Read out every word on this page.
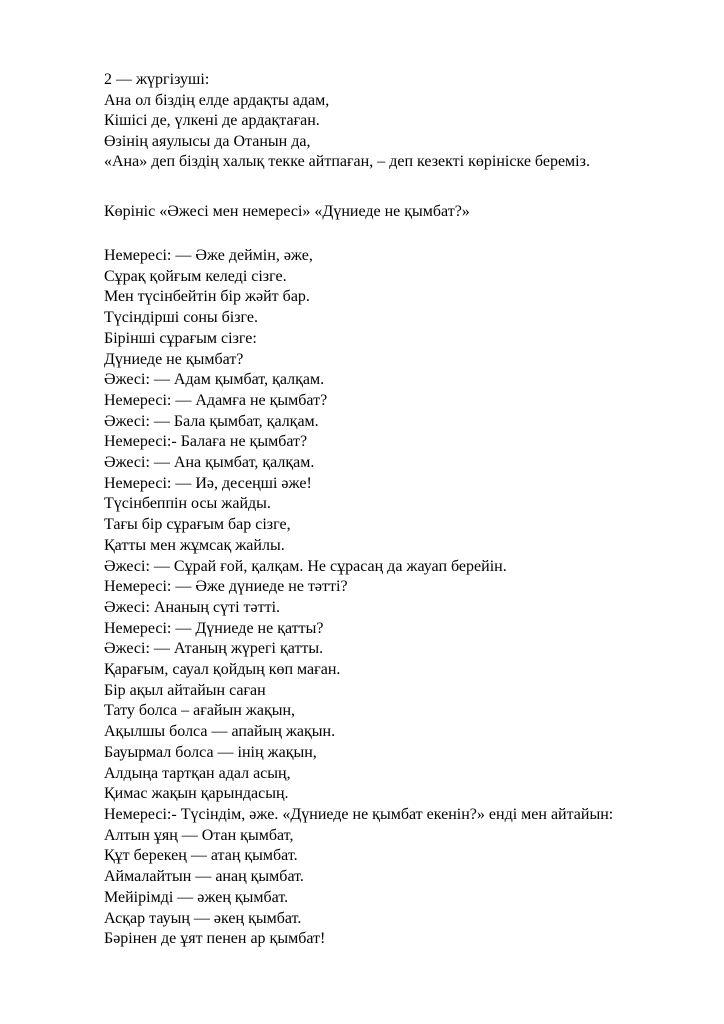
2 — жүргізуші:

Ана ол біздің елде ардақты адам,

Кішісі де, үлкені де ардақтаған.

Өзінің аяулысы да Отанын да,

«Ана» деп біздің халық текке айтпаған, – деп кезекті көрініске береміз.

Көрініс «Әжесі мен немересі» «Дүниеде не қымбат?»

Немересі: — Әже деймін, әже,

Сұрақ қойғым келеді сізге.

Мен түсінбейтін бір жәйт бар.

Түсіндірші соны бізге.

Бірінші сұрағым сізге:

Дүниеде не қымбат?

Әжесі: — Адам қымбат, қалқам.

Немересі: — Адамға не қымбат?

Әжесі: — Бала қымбат, қалқам.

Немересі:- Балаға не қымбат?

Әжесі: — Ана қымбат, қалқам.

Немересі: — Иә, десеңші әже!

Түсінбеппін осы жайды.

Тағы бір сұрағым бар сізге,

Қатты мен жұмсақ жайлы.

Әжесі: — Сұрай ғой, қалқам. Не сұрасаң да жауап берейін.

Немересі: — Әже дүниеде не тәтті?

Әжесі: Ананың сүті тәтті.

Немересі: — Дүниеде не қатты?

Әжесі: — Атаның жүрегі қатты.

Қарағым, сауал қойдың көп маған.

Бір ақыл айтайын саған

Тату болса – ағайын жақын,

Ақылшы болса — апайың жақын.

Бауырмал болса — інің жақын,

Алдыңа тартқан адал асың,

Қимас жақын қарындасың.

Немересі:- Түсіндім, әже. «Дүниеде не қымбат екенін?» енді мен айтайын:

Алтын ұяң — Отан қымбат,

Құт берекең — атаң қымбат.

Аймалайтын — анаң қымбат.

Мейірімді — әжең қымбат.

Асқар тауың — әкең қымбат.

Бәрінен де ұят пенен ар қымбат!
